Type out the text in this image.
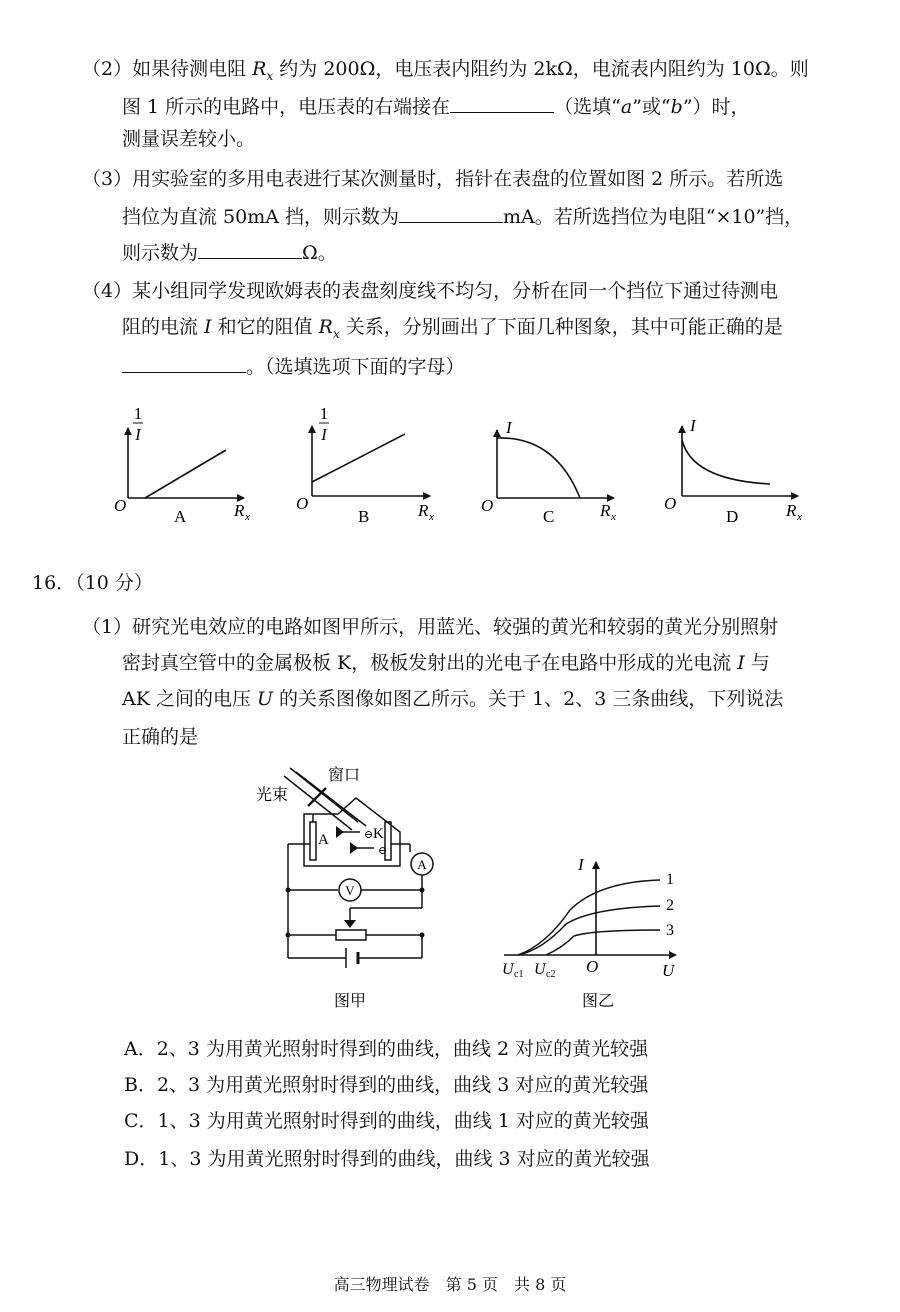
（2）如果待测电阻 $R_x$ 约为 200Ω，电压表内阻约为 2kΩ，电流表内阻约为 10Ω。则
图 1 所示的电路中，电压表的右端接在	（选填“a”或“b”）时，
测量误差较小。
（3）用实验室的多用电表进行某次测量时，指针在表盘的位置如图 2 所示。若所选
挡位为直流 50mA 挡，则示数为	mA。若所选挡位为电阻“×10”挡，
则示数为	Ω。
（4）某小组同学发现欧姆表的表盘刻度线不均匀，分析在同一个挡位下通过待测电
阻的电流 I 和它的阻值 $R_x$ 关系，分别画出了下面几种图象，其中可能正确的是
。（选填选项下面的字母）
1
I
O	R x
A
1
I
O	R x
B
I
O	R x
C
I
O	R x
D
16．（10 分）
（1）研究光电效应的电路如图甲所示，用蓝光、较强的黄光和较弱的黄光分别照射
密封真空管中的金属极板 K，极板发射出的光电子在电路中形成的光电流 I 与
AK 之间的电压 U 的关系图像如图乙所示。关于 1、2、3 三条曲线，下列说法
正确的是
窗口
光束
A	K
⊖
⊖
A
V
图甲
I
U
O
U c1 U c2
1
2
3
图乙
A．2、3 为用黄光照射时得到的曲线，曲线 2 对应的黄光较强
B．2、3 为用黄光照射时得到的曲线，曲线 3 对应的黄光较强
C．1、3 为用黄光照射时得到的曲线，曲线 1 对应的黄光较强
D．1、3 为用黄光照射时得到的曲线，曲线 3 对应的黄光较强
高三物理试卷　第 5 页　共 8 页
